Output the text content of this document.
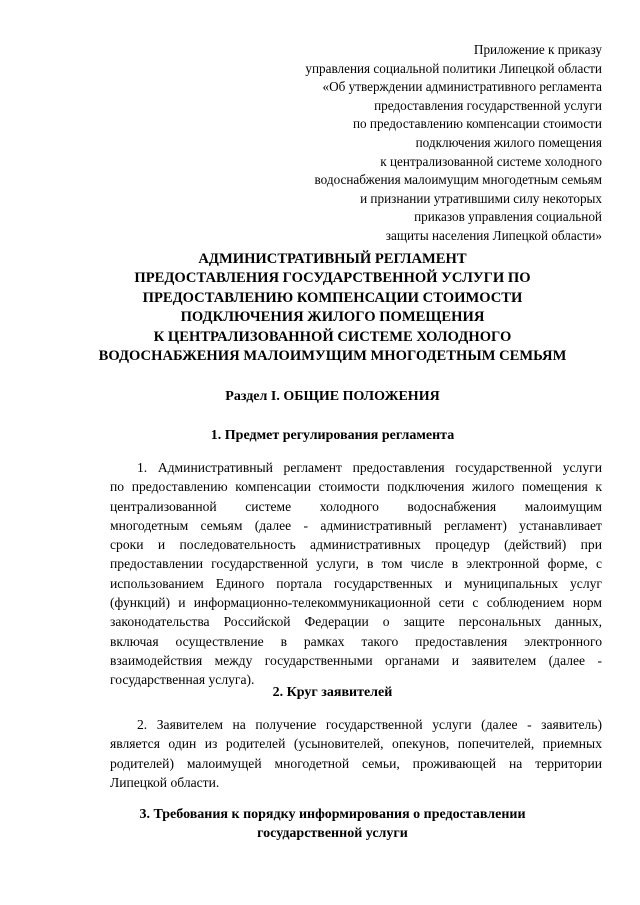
Приложение к приказу
управления социальной политики Липецкой области
«Об утверждении административного регламента
предоставления государственной услуги
по предоставлению компенсации стоимости
подключения жилого помещения
к централизованной системе холодного
водоснабжения малоимущим многодетным семьям
и признании утратившими силу некоторых
приказов управления социальной
защиты населения Липецкой области»
АДМИНИСТРАТИВНЫЙ РЕГЛАМЕНТ
ПРЕДОСТАВЛЕНИЯ ГОСУДАРСТВЕННОЙ УСЛУГИ ПО
ПРЕДОСТАВЛЕНИЮ КОМПЕНСАЦИИ СТОИМОСТИ
ПОДКЛЮЧЕНИЯ ЖИЛОГО ПОМЕЩЕНИЯ
К ЦЕНТРАЛИЗОВАННОЙ СИСТЕМЕ ХОЛОДНОГО
ВОДОСНАБЖЕНИЯ МАЛОИМУЩИМ МНОГОДЕТНЫМ СЕМЬЯМ
Раздел I. ОБЩИЕ ПОЛОЖЕНИЯ
1. Предмет регулирования регламента
1. Административный регламент предоставления государственной услуги
по предоставлению компенсации стоимости подключения жилого помещения к
централизованной системе холодного водоснабжения малоимущим
многодетным семьям (далее - административный регламент) устанавливает
сроки и последовательность административных процедур (действий) при
предоставлении государственной услуги, в том числе в электронной форме, с
использованием Единого портала государственных и муниципальных услуг
(функций) и информационно-телекоммуникационной сети с соблюдением норм
законодательства Российской Федерации о защите персональных данных,
включая осуществление в рамках такого предоставления электронного
взаимодействия между государственными органами и заявителем (далее -
государственная услуга).
2. Круг заявителей
2. Заявителем на получение государственной услуги (далее - заявитель)
является один из родителей (усыновителей, опекунов, попечителей, приемных
родителей) малоимущей многодетной семьи, проживающей на территории
Липецкой области.
3. Требования к порядку информирования о предоставлении
государственной услуги
